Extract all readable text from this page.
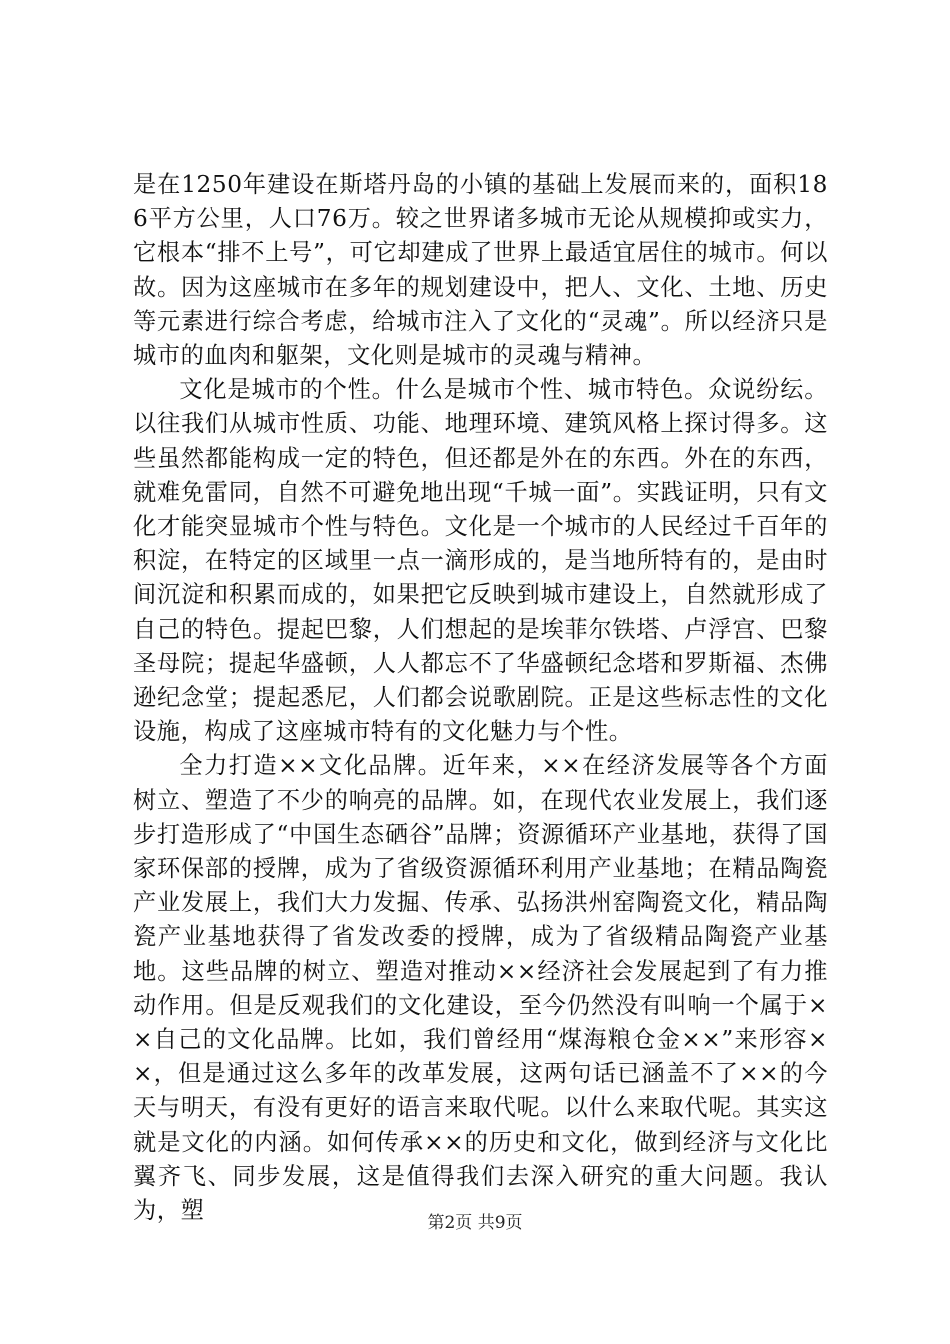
是在1250年建设在斯塔丹岛的小镇的基础上发展而来的，面积186平方公里，人口76万。较之世界诸多城市无论从规模抑或实力，它根本“排不上号”，可它却建成了世界上最适宜居住的城市。何以故。因为这座城市在多年的规划建设中，把人、文化、土地、历史等元素进行综合考虑，给城市注入了文化的“灵魂”。所以经济只是城市的血肉和躯架，文化则是城市的灵魂与精神。

文化是城市的个性。什么是城市个性、城市特色。众说纷纭。以往我们从城市性质、功能、地理环境、建筑风格上探讨得多。这些虽然都能构成一定的特色，但还都是外在的东西。外在的东西，就难免雷同，自然不可避免地出现“千城一面”。实践证明，只有文化才能突显城市个性与特色。文化是一个城市的人民经过千百年的积淀，在特定的区域里一点一滴形成的，是当地所特有的，是由时间沉淀和积累而成的，如果把它反映到城市建设上，自然就形成了自己的特色。提起巴黎，人们想起的是埃菲尔铁塔、卢浮宫、巴黎圣母院；提起华盛顿，人人都忘不了华盛顿纪念塔和罗斯福、杰佛逊纪念堂；提起悉尼，人们都会说歌剧院。正是这些标志性的文化设施，构成了这座城市特有的文化魅力与个性。

全力打造××文化品牌。近年来，××在经济发展等各个方面树立、塑造了不少的响亮的品牌。如，在现代农业发展上，我们逐步打造形成了“中国生态硒谷”品牌；资源循环产业基地，获得了国家环保部的授牌，成为了省级资源循环利用产业基地；在精品陶瓷产业发展上，我们大力发掘、传承、弘扬洪州窑陶瓷文化，精品陶瓷产业基地获得了省发改委的授牌，成为了省级精品陶瓷产业基地。这些品牌的树立、塑造对推动××经济社会发展起到了有力推动作用。但是反观我们的文化建设，至今仍然没有叫响一个属于××自己的文化品牌。比如，我们曾经用“煤海粮仓金××”来形容××，但是通过这么多年的改革发展，这两句话已涵盖不了××的今天与明天，有没有更好的语言来取代呢。以什么来取代呢。其实这就是文化的内涵。如何传承××的历史和文化，做到经济与文化比翼齐飞、同步发展，这是值得我们去深入研究的重大问题。我认为，塑	第2页 共9页
